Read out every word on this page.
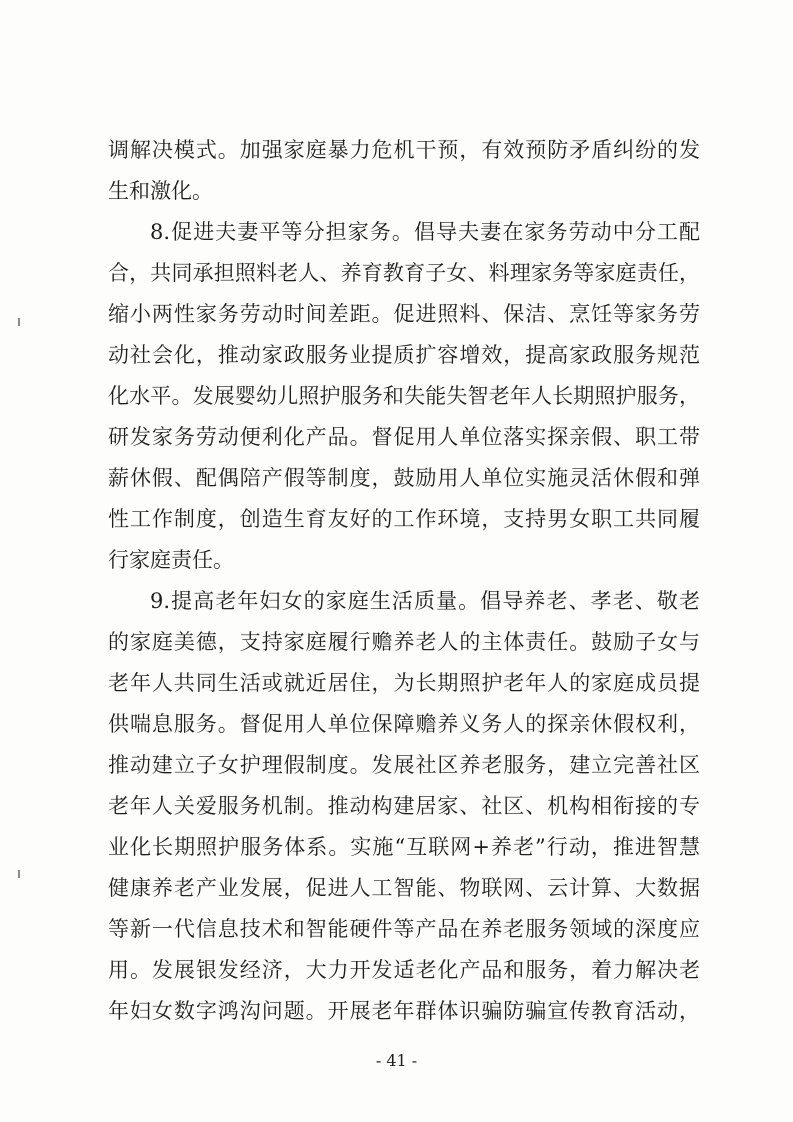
调解决模式。加强家庭暴力危机干预，有效预防矛盾纠纷的发
生和激化。
8.促进夫妻平等分担家务。倡导夫妻在家务劳动中分工配
合，共同承担照料老人、养育教育子女、料理家务等家庭责任，
缩小两性家务劳动时间差距。促进照料、保洁、烹饪等家务劳
动社会化，推动家政服务业提质扩容增效，提高家政服务规范
化水平。发展婴幼儿照护服务和失能失智老年人长期照护服务，
研发家务劳动便利化产品。督促用人单位落实探亲假、职工带
薪休假、配偶陪产假等制度，鼓励用人单位实施灵活休假和弹
性工作制度，创造生育友好的工作环境，支持男女职工共同履
行家庭责任。
9.提高老年妇女的家庭生活质量。倡导养老、孝老、敬老
的家庭美德，支持家庭履行赡养老人的主体责任。鼓励子女与
老年人共同生活或就近居住，为长期照护老年人的家庭成员提
供喘息服务。督促用人单位保障赡养义务人的探亲休假权利，
推动建立子女护理假制度。发展社区养老服务，建立完善社区
老年人关爱服务机制。推动构建居家、社区、机构相衔接的专
业化长期照护服务体系。实施“互联网+养老”行动，推进智慧
健康养老产业发展，促进人工智能、物联网、云计算、大数据
等新一代信息技术和智能硬件等产品在养老服务领域的深度应
用。发展银发经济，大力开发适老化产品和服务，着力解决老
年妇女数字鸿沟问题。开展老年群体识骗防骗宣传教育活动，
- 41 -
